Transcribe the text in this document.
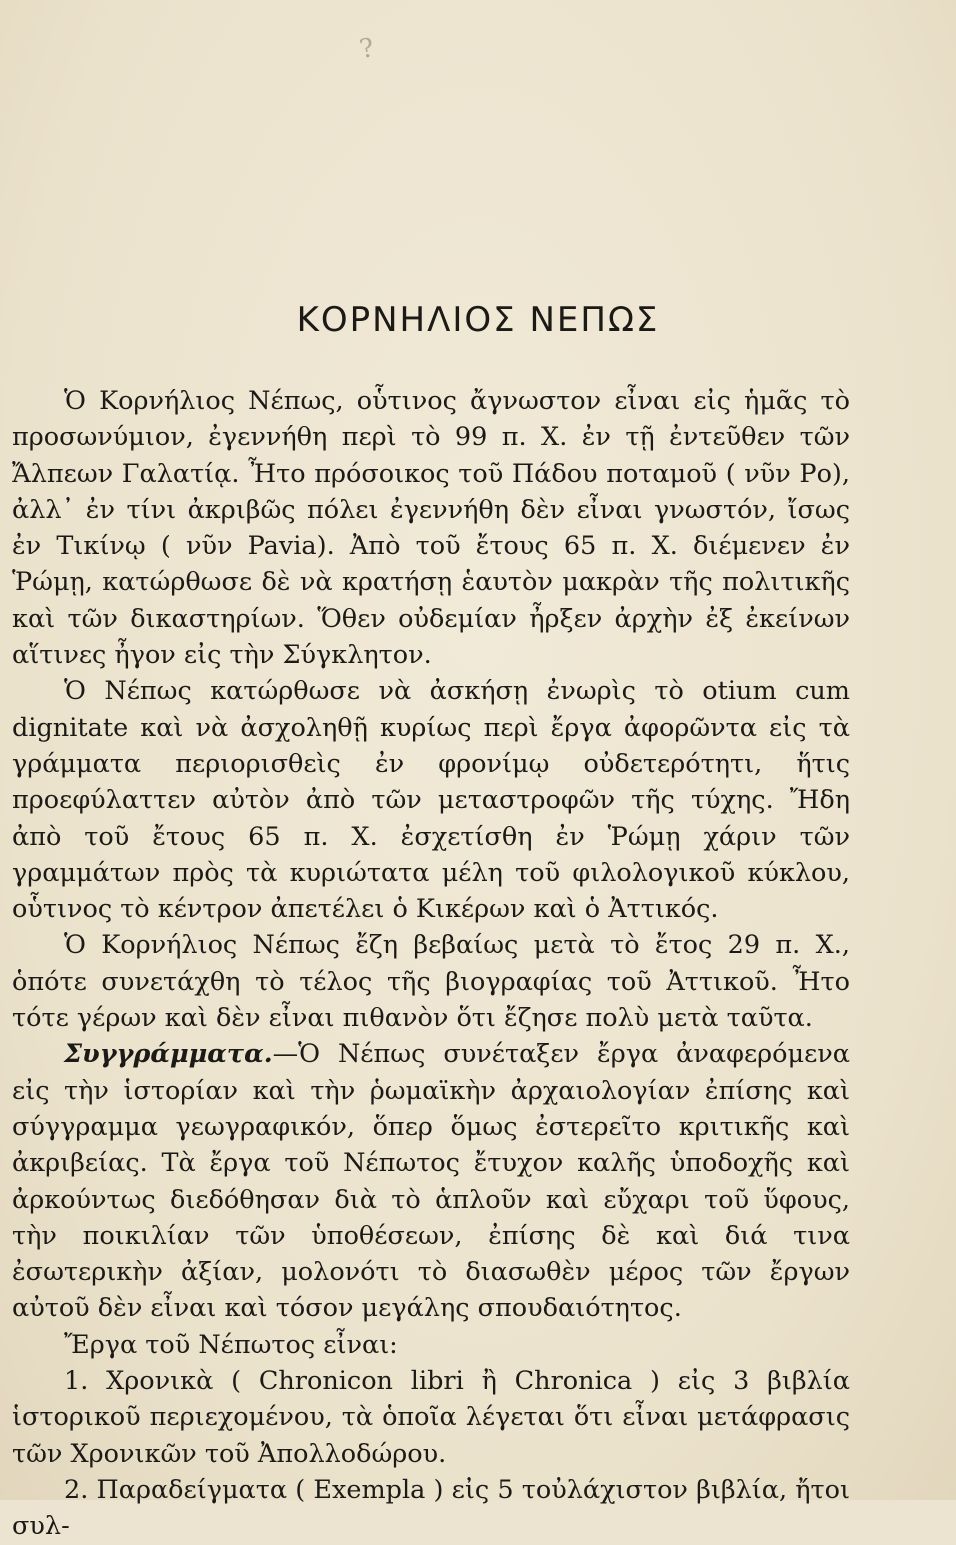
?
ΚΟΡΝΗΛΙΟΣ ΝΕΠΩΣ

Ὁ Κορνήλιος Νέπως, οὗτινος ἄγνωστον εἶναι εἰς ἡμᾶς τὸ προσωνύμιον, ἐγεννήθη περὶ τὸ 99 π. Χ. ἐν τῇ ἐντεῦθεν τῶν Ἄλπεων Γαλατίᾳ. Ἦτο πρόσοικος τοῦ Πάδου ποταμοῦ ( νῦν Ρο), ἀλλ᾽ ἐν τίνι ἀκριβῶς πόλει ἐγεννήθη δὲν εἶναι γνωστόν, ἴσως ἐν Τικίνῳ ( νῦν Pavia). Ἀπὸ τοῦ ἔτους 65 π. Χ. διέμενεν ἐν Ῥώμῃ, κατώρθωσε δὲ νὰ κρατήσῃ ἑαυτὸν μακρὰν τῆς πολιτικῆς καὶ τῶν δικαστηρίων. Ὅθεν οὐδεμίαν ἦρξεν ἀρχὴν ἐξ ἐκείνων αἵτινες ἦγον εἰς τὴν Σύγκλητον.

Ὁ Νέπως κατώρθωσε νὰ ἀσκήσῃ ἐνωρὶς τὸ otium cum dignitate καὶ νὰ ἀσχοληθῇ κυρίως περὶ ἔργα ἀφορῶντα εἰς τὰ γράμματα περιορισθεὶς ἐν φρονίμῳ οὐδετερότητι, ἥτις προεφύλαττεν αὐτὸν ἀπὸ τῶν μεταστροφῶν τῆς τύχης. Ἤδη ἀπὸ τοῦ ἔτους 65 π. Χ. ἐσχετίσθη ἐν Ῥώμῃ χάριν τῶν γραμμάτων πρὸς τὰ κυριώτατα μέλη τοῦ φιλολογικοῦ κύκλου, οὗτινος τὸ κέντρον ἀπετέλει ὁ Κικέρων καὶ ὁ Ἀττικός.

Ὁ Κορνήλιος Νέπως ἔζη βεβαίως μετὰ τὸ ἔτος 29 π. Χ., ὁπότε συνετάχθη τὸ τέλος τῆς βιογραφίας τοῦ Ἀττικοῦ. Ἦτο τότε γέρων καὶ δὲν εἶναι πιθανὸν ὅτι ἔζησε πολὺ μετὰ ταῦτα.

Συγγράμματα.—Ὁ Νέπως συνέταξεν ἔργα ἀναφερόμενα εἰς τὴν ἱστορίαν καὶ τὴν ῥωμαϊκὴν ἀρχαιολογίαν ἐπίσης καὶ σύγγραμμα γεωγραφικόν, ὅπερ ὅμως ἐστερεῖτο κριτικῆς καὶ ἀκριβείας. Τὰ ἔργα τοῦ Νέπωτος ἔτυχον καλῆς ὑποδοχῆς καὶ ἀρκούντως διεδόθησαν διὰ τὸ ἁπλοῦν καὶ εὔχαρι τοῦ ὕφους, τὴν ποικιλίαν τῶν ὑποθέσεων, ἐπίσης δὲ καὶ διά τινα ἐσωτερικὴν ἀξίαν, μολονότι τὸ διασωθὲν μέρος τῶν ἔργων αὐτοῦ δὲν εἶναι καὶ τόσον μεγάλης σπουδαιότητος.

Ἔργα τοῦ Νέπωτος εἶναι:

1. Χρονικὰ ( Chronicon libri ἢ Chronica ) εἰς 3 βιβλία ἱστορικοῦ περιεχομένου, τὰ ὁποῖα λέγεται ὅτι εἶναι μετάφρασις τῶν Χρονικῶν τοῦ Ἀπολλοδώρου.

2. Παραδείγματα ( Exempla ) εἰς 5 τοὐλάχιστον βιβλία, ἤτοι συλ-
